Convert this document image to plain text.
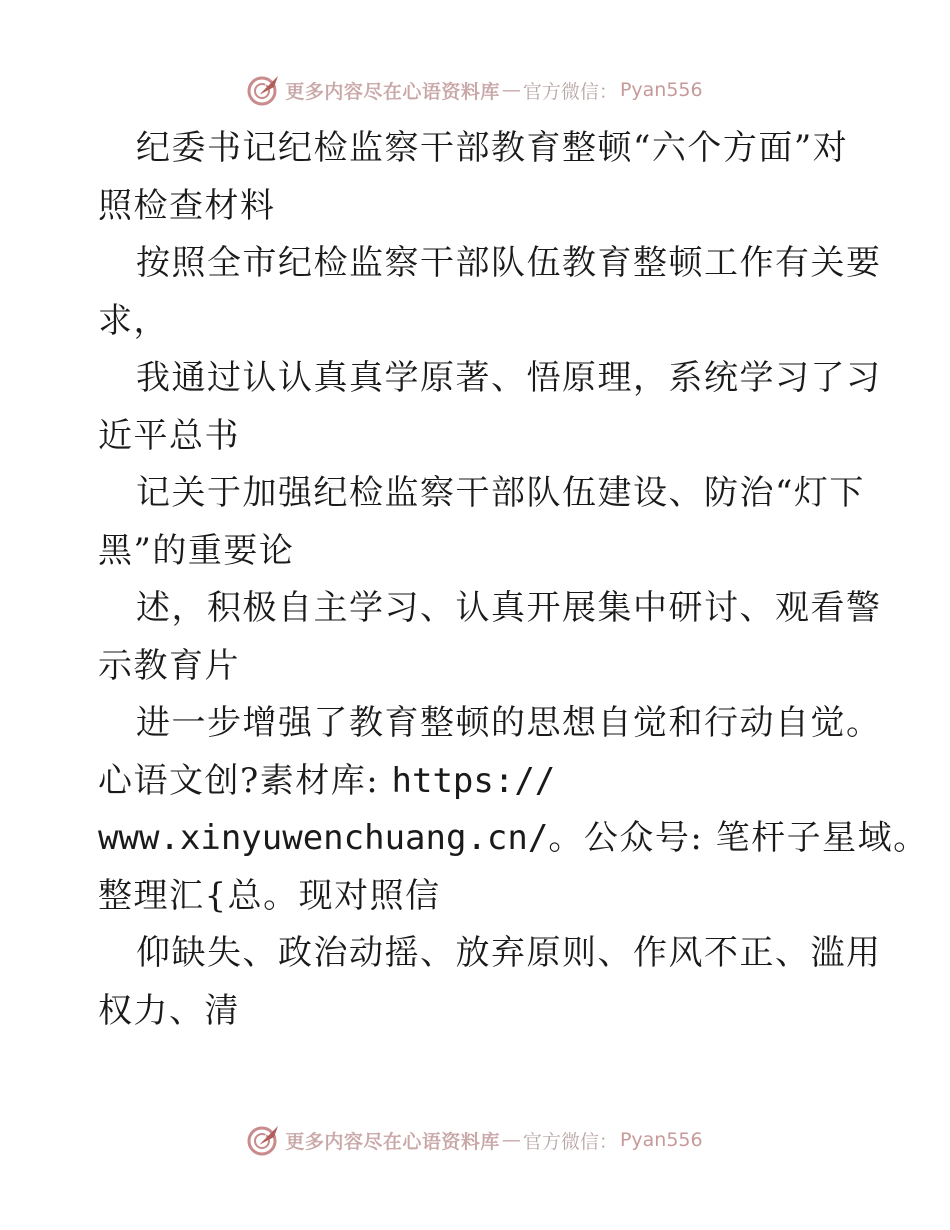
更多内容尽在心语资料库 — 官方微信： Pyan556
纪委书记纪检监察干部教育整顿“六个方面”对
照检查材料
按照全市纪检监察干部队伍教育整顿工作有关要
求，
我通过认认真真学原著、悟原理，系统学习了习
近平总书
记关于加强纪检监察干部队伍建设、防治“灯下
黑”的重要论
述，积极自主学习、认真开展集中研讨、观看警
示教育片
进一步增强了教育整顿的思想自觉和行动自觉。
心语文创?素材库: https://
www.xinyuwenchuang.cn/。公众号: 笔杆子星域。
整理汇{总。现对照信
仰缺失、政治动摇、放弃原则、作风不正、滥用
权力、清
更多内容尽在心语资料库 — 官方微信： Pyan556
